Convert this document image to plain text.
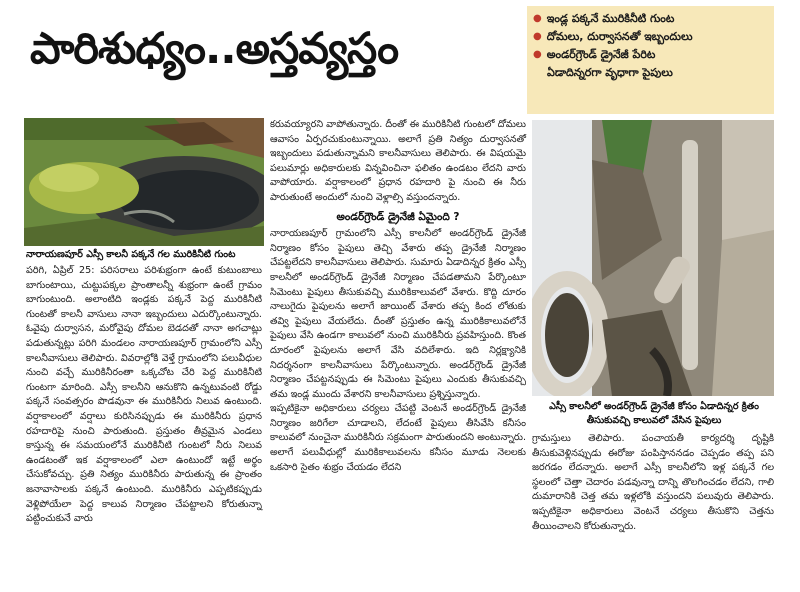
పారిశుధ్యం..అస్తవ్యస్తం
● ఇండ్ల పక్కనే మురికినీటి గుంట
● దోమలు, దుర్వాసనతో ఇబ్బందులు
● అండర్‌గ్రౌండ్ డ్రైనేజీ పేరిట
ఏడాదిన్నరగా వృధాగా పైపులు
నారాయణపూర్ ఎస్సీ కాలనీ పక్కనే గల మురికినీటి గుంట
ఎస్సీ కాలనీలో అండర్‌గ్రౌండ్ డ్రైనేజీ కోసం ఏడాదిన్నర క్రితం తీసుకువచ్చి కాలువలో వేసిన పైపులు

పరిగి, ఏప్రిల్ 25: పరిసరాలు పరిశుభ్రంగా ఉంటే కుటుంబాలు బాగుంటాయి, చుట్టుపక్కల ప్రాంతాలన్నీ శుభ్రంగా ఉంటే గ్రామం బాగుంటుంది. అలాంటిది ఇండ్లకు పక్కనే పెద్ద మురికినీటి గుంటతో కాలనీ వాసులు నానా ఇబ్బందులు ఎదుర్కొంటున్నారు. ఓవైపు దుర్వాసన, మరోవైపు దోమల బెడదతో నానా అగచాట్లు పడుతున్నట్లు పరిగి మండలం నారాయణపూర్ గ్రామంలోని ఎస్సీ కాలనీవాసులు తెలిపారు. వివరాల్లోకి వెళ్తే గ్రామంలోని పలువీధుల నుంచి వచ్చే మురికినీరంతా ఒక్కచోట చేరి పెద్ద మురికినీటి గుంటగా మారింది. ఎస్సీ కాలనీని ఆనుకొని ఉన్నటువంటి రోడ్డు పక్కనే సంవత్సరం పొడవునా ఈ మురికినీరు నిలువ ఉంటుంది. వర్షాకాలంలో వర్షాలు కురిసినప్పుడు ఈ మురికినీరు ప్రధాన రహదారిపై నుంచి పారుతుంది. ప్రస్తుతం తీవ్రమైన ఎండలు కాస్తున్న ఈ సమయంలోనే మురికినీటి గుంటలో నీరు నిలువ ఉండటంతో ఇక వర్షాకాలంలో ఎలా ఉంటుందో ఇట్టే అర్థం చేసుకోవచ్చు. ప్రతి నిత్యం మురికినీరు పారుతున్న ఈ ప్రాంతం జనావాసాలకు పక్కనే ఉంటుంది. మురికినీరు ఎప్పటికప్పుడు వెళ్లిపోయేలా పెద్ద కాలువ నిర్మాణం చేపట్టాలని కోరుతున్నా పట్టించుకునే వారు

కరువయ్యారని వాపోతున్నారు. దీంతో ఈ మురికినీటి గుంటలో దోమలు ఆవాసం ఏర్పరచుకుంటున్నాయి. అలాగే ప్రతి నిత్యం దుర్వాసనతో ఇబ్బందులు పడుతున్నామని కాలనీవాసులు తెలిపారు. ఈ విషయమై పలుమార్లు అధికారులకు విన్నవించినా ఫలితం ఉండటం లేదని వారు వాపోయారు. వర్షాకాలంలో ప్రధాన రహదారి పై నుంచి ఈ నీరు పారుతుంటే అందులో నుంచి వెళ్లాల్సి వస్తుందన్నారు.

అండర్‌గ్రౌండ్ డ్రైనేజీ ఏమైంది ?

నారాయణపూర్ గ్రామంలోని ఎస్సీ కాలనీలో అండర్‌గ్రౌండ్ డ్రైనేజీ నిర్మాణం కోసం పైపులు తెచ్చి వేశారు తప్ప డ్రైనేజీ నిర్మాణం చేపట్టలేదని కాలనీవాసులు తెలిపారు. సుమారు ఏడాదిన్నర క్రితం ఎస్సీ కాలనీలో అండర్‌గ్రౌండ్ డ్రైనేజీ నిర్మాణం చేపడతామని పేర్కొంటూ సిమెంటు పైపులు తీసుకువచ్చి మురికికాలువలో వేశారు. కొద్ది దూరం నాలుగైదు పైపులను అలాగే జాయింట్ వేశారు తప్ప కింద లోతుకు తవ్వి పైపులు వేయలేదు. దీంతో ప్రస్తుతం ఉన్న మురికికాలువలోనే పైపులు వేసి ఉండగా కాలువలో నుంచి మురికినీరు ప్రవహిస్తుంది. కొంత దూరంలో పైపులను అలాగే వేసి వదిలేశారు. ఇది నిర్లక్ష్యానికి నిదర్శనంగా కాలనీవాసులు పేర్కొంటున్నారు. అండర్‌గ్రౌండ్ డ్రైనేజీ నిర్మాణం చేపట్టనప్పుడు ఈ సిమెంటు పైపులు ఎందుకు తీసుకువచ్చి తమ ఇండ్ల ముందు వేశారని కాలనీవాసులు ప్రశ్నిస్తున్నారు.

ఇప్పటికైనా అధికారులు చర్యలు చేపట్టి వెంటనే అండర్‌గ్రౌండ్ డ్రైనేజీ నిర్మాణం జరిగేలా చూడాలని, లేదంటే పైపులు తీసివేసి కనీసం కాలువలో నుంచైనా మురికినీరు సక్రమంగా పారుతుందని అంటున్నారు. అలాగే పలువీధుల్లో మురికికాలువలను కనీసం మూడు నెలలకు ఒకసారి సైతం శుభ్రం చేయడం లేదని

గ్రామస్తులు తెలిపారు. పంచాయతీ కార్యదర్శి దృష్టికి తీసుకువెళ్లినప్పుడు ఈరోజు పంపిస్తాననడం చెప్పడం తప్ప పని జరగడం లేదన్నారు. అలాగే ఎస్సీ కాలనీలోని ఇళ్ల పక్కనే గల స్థలంలో చెత్తా చెదారం పడవున్నా దాన్ని తొలగించడం లేదని, గాలి దుమారానికి చెత్త తమ ఇళ్లలోకి వస్తుందని పలువురు తెలిపారు. ఇప్పటికైనా అధికారులు వెంటనే చర్యలు తీసుకొని చెత్తను తీయించాలని కోరుతున్నారు.
